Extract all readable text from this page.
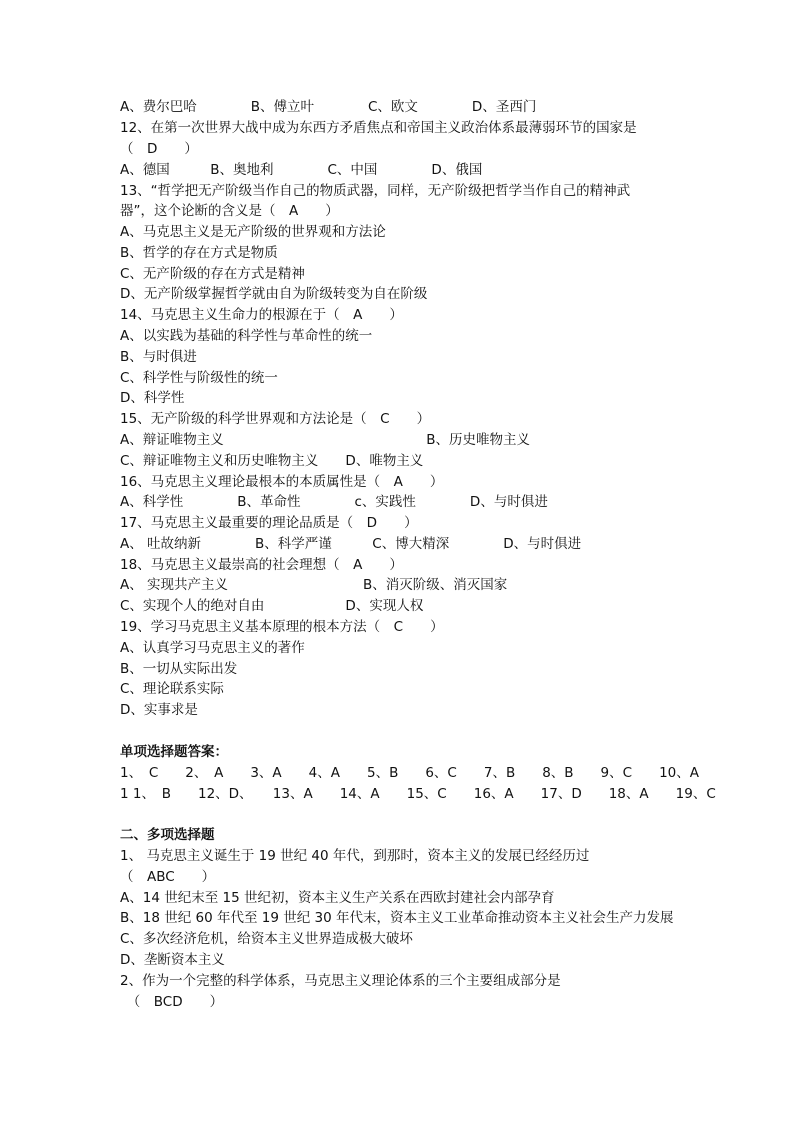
A、费尔巴哈　　　　B、傅立叶　　　　C、欧文　　　　D、圣西门
12、在第一次世界大战中成为东西方矛盾焦点和帝国主义政治体系最薄弱环节的国家是
（　D　　）
A、德国　　　B、奥地利　　　　C、中国　　　　D、俄国
13、“哲学把无产阶级当作自己的物质武器，同样，无产阶级把哲学当作自己的精神武
器”，这个论断的含义是（　A　　）
A、马克思主义是无产阶级的世界观和方法论
B、哲学的存在方式是物质
C、无产阶级的存在方式是精神
D、无产阶级掌握哲学就由自为阶级转变为自在阶级
14、马克思主义生命力的根源在于（　A　　）
A、以实践为基础的科学性与革命性的统一
B、与时俱进
C、科学性与阶级性的统一
D、科学性
15、无产阶级的科学世界观和方法论是（　C　　）
A、辩证唯物主义　　　　　　　　　　　　　　　B、历史唯物主义
C、辩证唯物主义和历史唯物主义　　D、唯物主义
16、马克思主义理论最根本的本质属性是（　A　　）
A、科学性　　　　B、革命性　　　　c、实践性　　　　D、与时俱进
17、马克思主义最重要的理论品质是（　D　　）
A、 吐故纳新　　　　B、科学严谨　　　C、博大精深　　　　D、与时俱进
18、马克思主义最崇高的社会理想（　A　　）
A、 实现共产主义　　　　　　　　　　B、消灭阶级、消灭国家
C、实现个人的绝对自由　　　　　　D、实现人权
19、学习马克思主义基本原理的根本方法（　C　　）
A、认真学习马克思主义的著作
B、一切从实际出发
C、理论联系实际
D、实事求是
单项选择题答案：
1、　C　　2、　A　　3、A　　4、A　　5、B　　6、C　　7、B　　8、B　　9、C　　10、A
1 1、　B　　12、D、　　13、A　　14、A　　15、C　　16、A　　17、D　　18、A　　19、C
二、多项选择题
1、 马克思主义诞生于 19 世纪 40 年代，到那时，资本主义的发展已经经历过
（　ABC　　）
A、14 世纪末至 15 世纪初，资本主义生产关系在西欧封建社会内部孕育
B、18 世纪 60 年代至 19 世纪 30 年代末，资本主义工业革命推动资本主义社会生产力发展
C、多次经济危机，给资本主义世界造成极大破坏
D、垄断资本主义
2、作为一个完整的科学体系，马克思主义理论体系的三个主要组成部分是
　（　BCD　　）
